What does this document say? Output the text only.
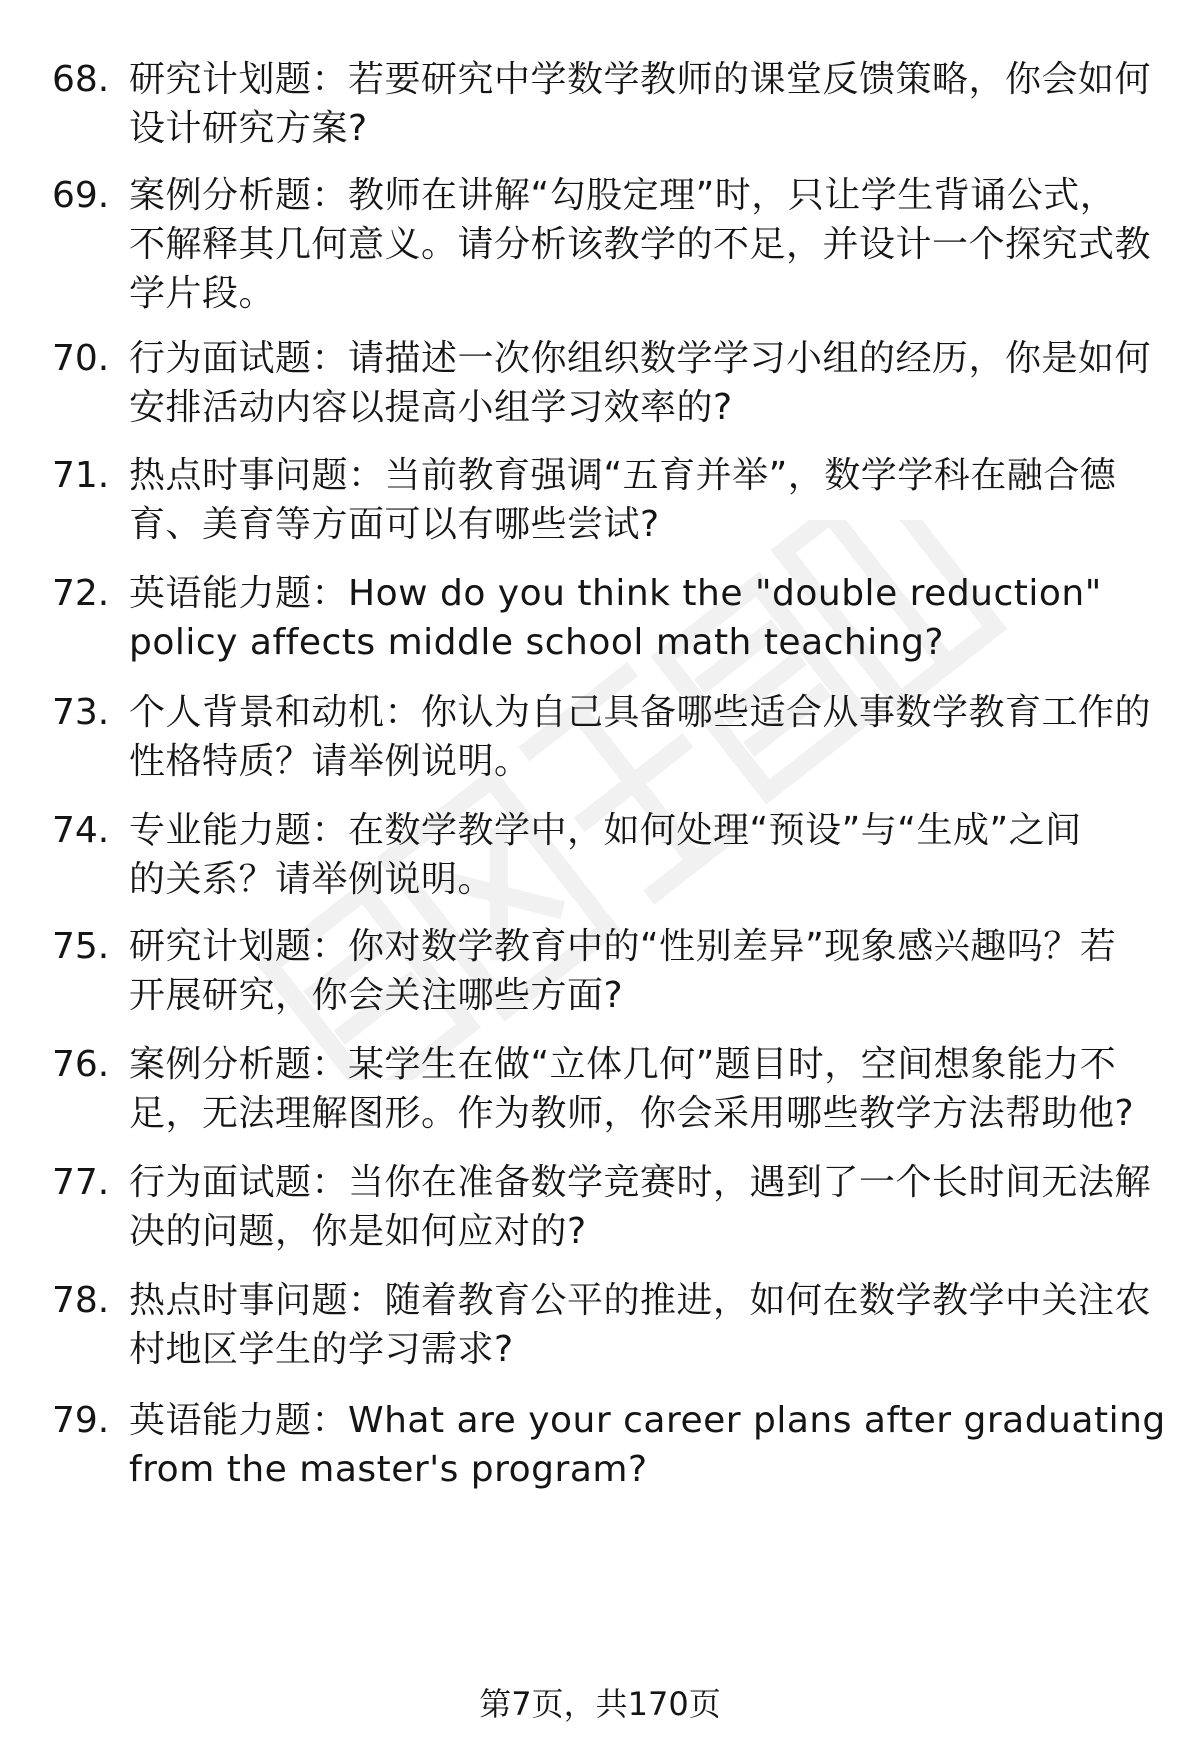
68. 研究计划题：若要研究中学数学教师的课堂反馈策略，你会如何
设计研究方案?
69. 案例分析题：教师在讲解“勾股定理”时，只让学生背诵公式，
不解释其几何意义。请分析该教学的不足，并设计一个探究式教
学片段。
70. 行为面试题：请描述一次你组织数学学习小组的经历，你是如何
安排活动内容以提高小组学习效率的?
71. 热点时事问题：当前教育强调“五育并举”，数学学科在融合德
育、美育等方面可以有哪些尝试?
72. 英语能力题：How do you think the "double reduction"
policy affects middle school math teaching?
73. 个人背景和动机：你认为自己具备哪些适合从事数学教育工作的
性格特质？请举例说明。
74. 专业能力题：在数学教学中，如何处理“预设”与“生成”之间
的关系？请举例说明。
75. 研究计划题：你对数学教育中的“性别差异”现象感兴趣吗？若
开展研究，你会关注哪些方面?
76. 案例分析题：某学生在做“立体几何”题目时，空间想象能力不
足，无法理解图形。作为教师，你会采用哪些教学方法帮助他?
77. 行为面试题：当你在准备数学竞赛时，遇到了一个长时间无法解
决的问题，你是如何应对的?
78. 热点时事问题：随着教育公平的推进，如何在数学教学中关注农
村地区学生的学习需求?
79. 英语能力题：What are your career plans after graduating
from the master's program?
第7页，共170页
